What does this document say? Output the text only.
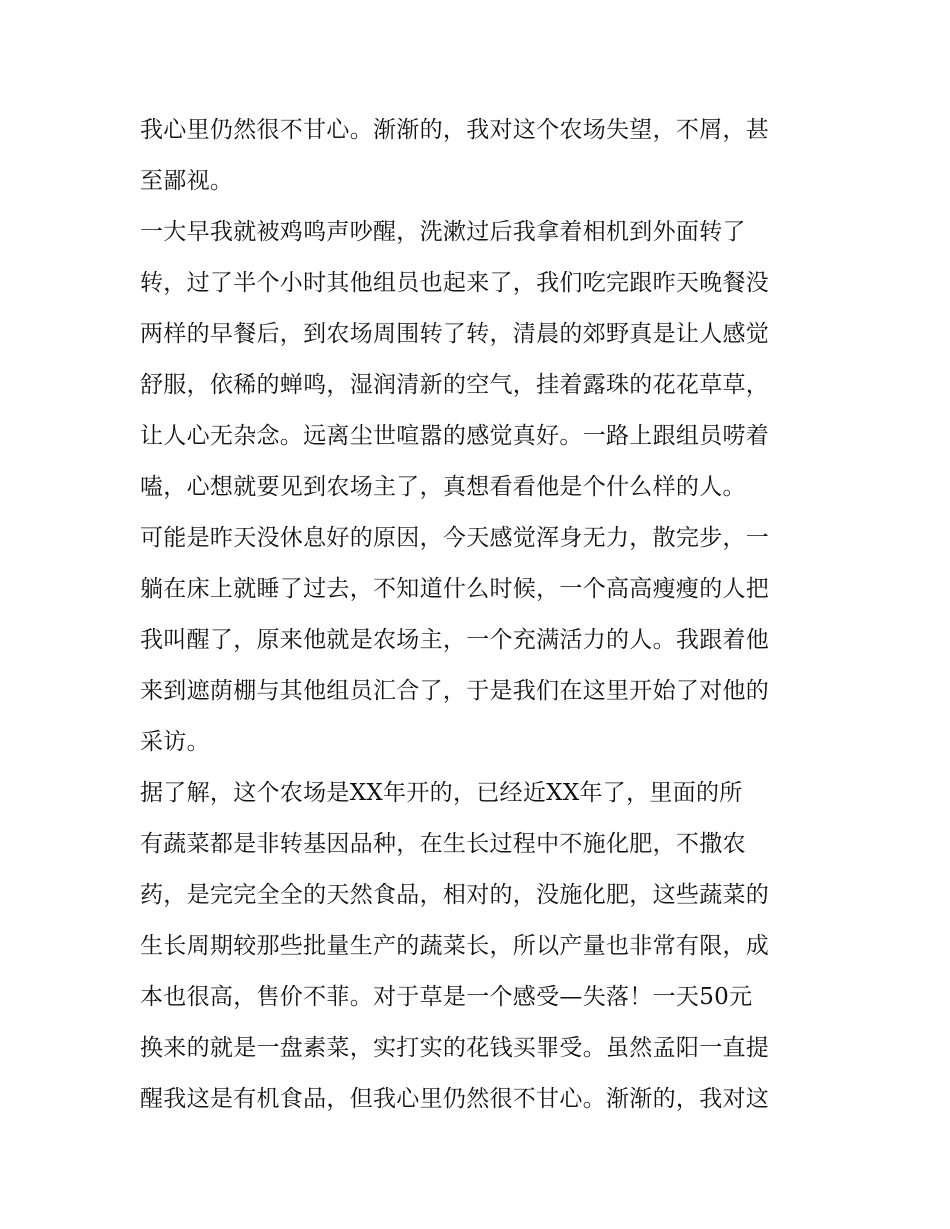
我心里仍然很不甘心。渐渐的，我对这个农场失望，不屑，甚
至鄙视。
一大早我就被鸡鸣声吵醒，洗漱过后我拿着相机到外面转了
转，过了半个小时其他组员也起来了，我们吃完跟昨天晚餐没
两样的早餐后，到农场周围转了转，清晨的郊野真是让人感觉
舒服，依稀的蝉鸣，湿润清新的空气，挂着露珠的花花草草，
让人心无杂念。远离尘世喧嚣的感觉真好。一路上跟组员唠着
嗑，心想就要见到农场主了，真想看看他是个什么样的人。
可能是昨天没休息好的原因，今天感觉浑身无力，散完步，一
躺在床上就睡了过去，不知道什么时候，一个高高瘦瘦的人把
我叫醒了，原来他就是农场主，一个充满活力的人。我跟着他
来到遮荫棚与其他组员汇合了，于是我们在这里开始了对他的
采访。
据了解，这个农场是XX年开的，已经近XX年了，里面的所
有蔬菜都是非转基因品种，在生长过程中不施化肥，不撒农
药，是完完全全的天然食品，相对的，没施化肥，这些蔬菜的
生长周期较那些批量生产的蔬菜长，所以产量也非常有限，成
本也很高，售价不菲。对于草是一个感受—失落！一天50元
换来的就是一盘素菜，实打实的花钱买罪受。虽然孟阳一直提
醒我这是有机食品，但我心里仍然很不甘心。渐渐的，我对这
